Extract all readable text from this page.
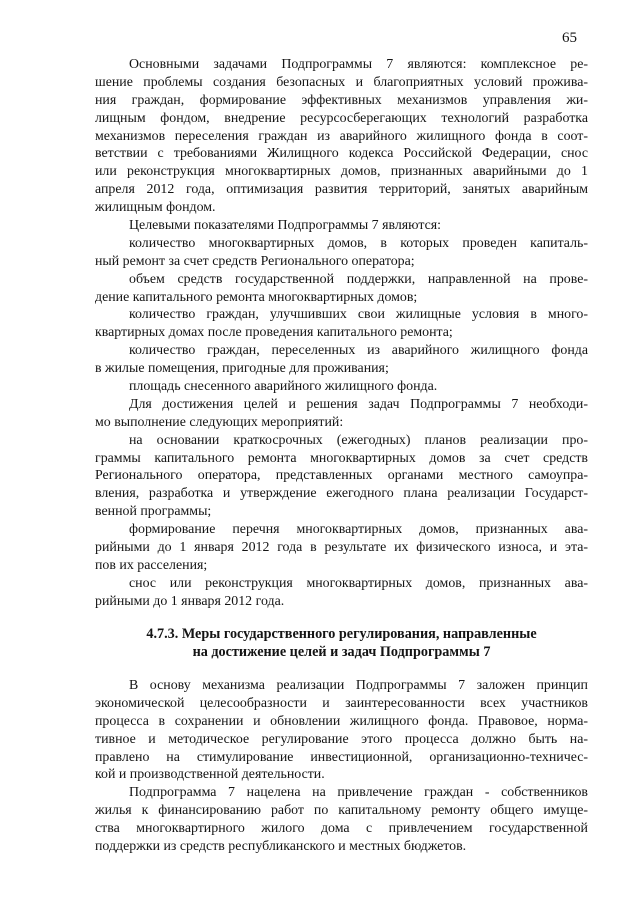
65
Основными задачами Подпрограммы 7 являются: комплексное ре-
шение проблемы создания безопасных и благоприятных условий прожива-
ния граждан, формирование эффективных механизмов управления жи-
лищным фондом, внедрение ресурсосберегающих технологий разработка
механизмов переселения граждан из аварийного жилищного фонда в соот-
ветствии с требованиями Жилищного кодекса Российской Федерации, снос
или реконструкция многоквартирных домов, признанных аварийными до 1
апреля 2012 года, оптимизация развития территорий, занятых аварийным
жилищным фондом.
Целевыми показателями Подпрограммы 7 являются:
количество многоквартирных домов, в которых проведен капиталь-
ный ремонт за счет средств Регионального оператора;
объем средств государственной поддержки, направленной на прове-
дение капитального ремонта многоквартирных домов;
количество граждан, улучшивших свои жилищные условия в много-
квартирных домах после проведения капитального ремонта;
количество граждан, переселенных из аварийного жилищного фонда
в жилые помещения, пригодные для проживания;
площадь снесенного аварийного жилищного фонда.
Для достижения целей и решения задач Подпрограммы 7 необходи-
мо выполнение следующих мероприятий:
на основании краткосрочных (ежегодных) планов реализации про-
граммы капитального ремонта многоквартирных домов за счет средств
Регионального оператора, представленных органами местного самоупра-
вления, разработка и утверждение ежегодного плана реализации Государст-
венной программы;
формирование перечня многоквартирных домов, признанных ава-
рийными до 1 января 2012 года в результате их физического износа, и эта-
пов их расселения;
снос или реконструкция многоквартирных домов, признанных ава-
рийными до 1 января 2012 года.
4.7.3. Меры государственного регулирования, направленные
на достижение целей и задач Подпрограммы 7
В основу механизма реализации Подпрограммы 7 заложен принцип
экономической целесообразности и заинтересованности всех участников
процесса в сохранении и обновлении жилищного фонда. Правовое, норма-
тивное и методическое регулирование этого процесса должно быть на-
правлено на стимулирование инвестиционной, организационно-техничес-
кой и производственной деятельности.
Подпрограмма 7 нацелена на привлечение граждан - собственников
жилья к финансированию работ по капитальному ремонту общего имуще-
ства многоквартирного жилого дома с привлечением государственной
поддержки из средств республиканского и местных бюджетов.
